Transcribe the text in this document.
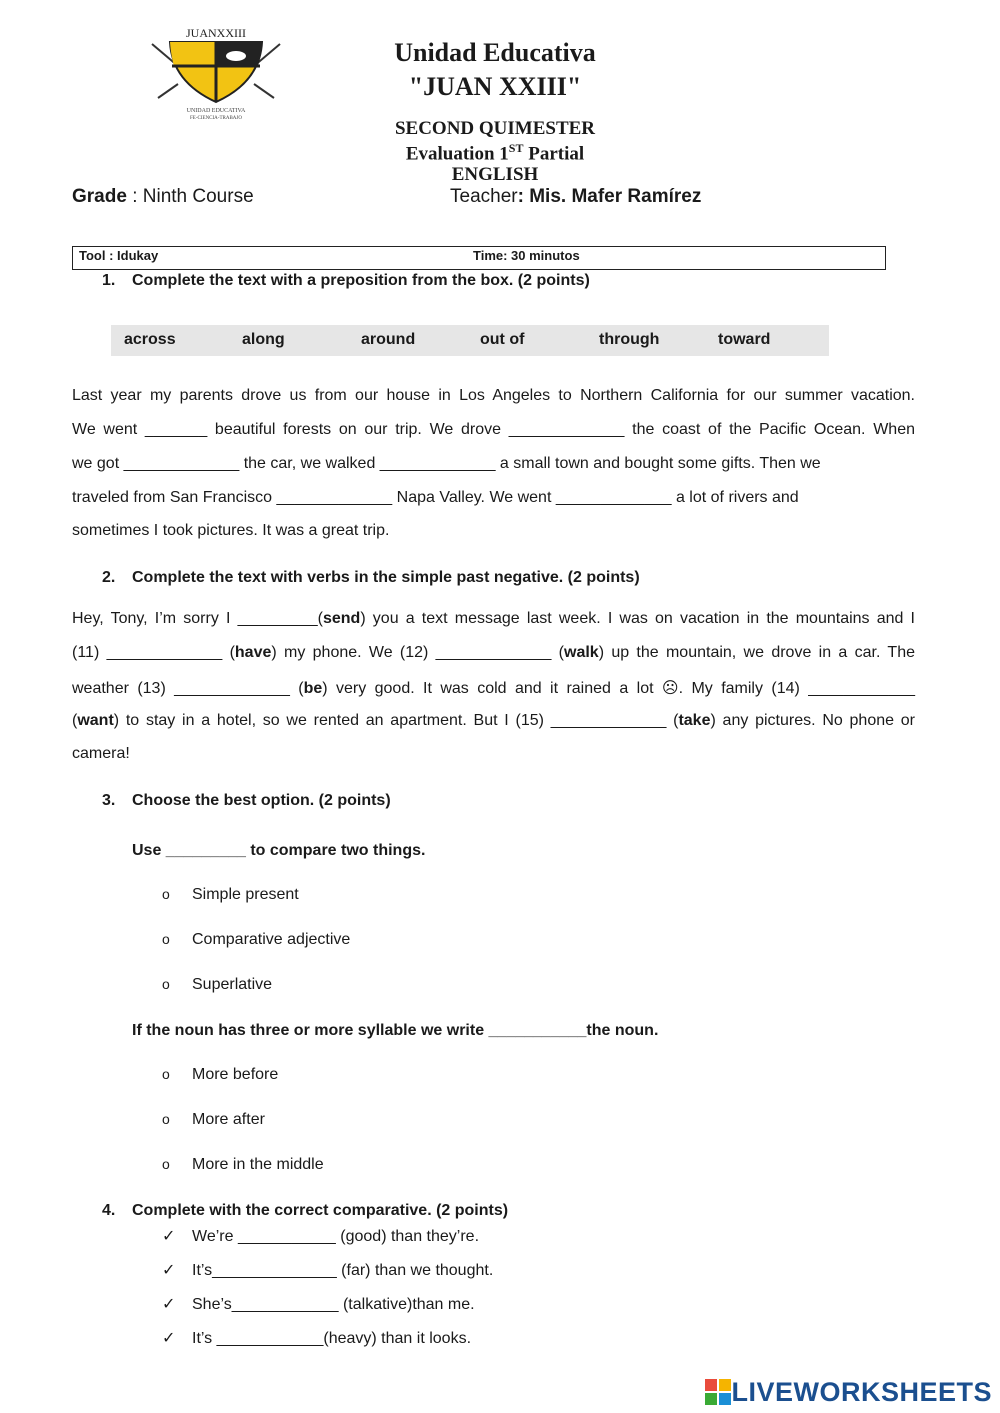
JUANXXIII
UNIDAD EDUCATIVA
FE-CIENCIA-TRABAJO
Unidad Educativa
"JUAN XXIII"
SECOND QUIMESTER
Evaluation 1ST Partial
ENGLISH
Grade : Ninth Course	Teacher: Mis. Mafer Ramírez
Tool : Idukay	Time: 30 minutos
1. Complete the text with a preposition from the box. (2 points)
across	along	around	out of	through	toward
Last year my parents drove us from our house in Los Angeles to Northern California for our summer vacation.
We went _______ beautiful forests on our trip. We drove _____________ the coast of the Pacific Ocean. When
we got _____________ the car, we walked _____________ a small town and bought some gifts. Then we
traveled from San Francisco _____________ Napa Valley. We went _____________ a lot of rivers and
sometimes I took pictures. It was a great trip.
2. Complete the text with verbs in the simple past negative. (2 points)
Hey, Tony, I’m sorry I _________(send) you a text message last week. I was on vacation in the mountains and I
(11) _____________ (have) my phone. We (12) _____________ (walk) up the mountain, we drove in a car. The
weather (13) _____________ (be) very good. It was cold and it rained a lot ☹. My family (14) ____________
(want) to stay in a hotel, so we rented an apartment. But I (15) _____________ (take) any pictures. No phone or
camera!
3. Choose the best option. (2 points)
Use _________ to compare two things.
o Simple present
o Comparative adjective
o Superlative
If the noun has three or more syllable we write ___________the noun.
o More before
o More after
o More in the middle
4. Complete with the correct comparative. (2 points)
✓ We’re ___________ (good) than they’re.
✓ It’s______________ (far) than we thought.
✓ She’s____________ (talkative)than me.
✓ It’s ____________(heavy) than it looks.
LIVEWORKSHEETS
